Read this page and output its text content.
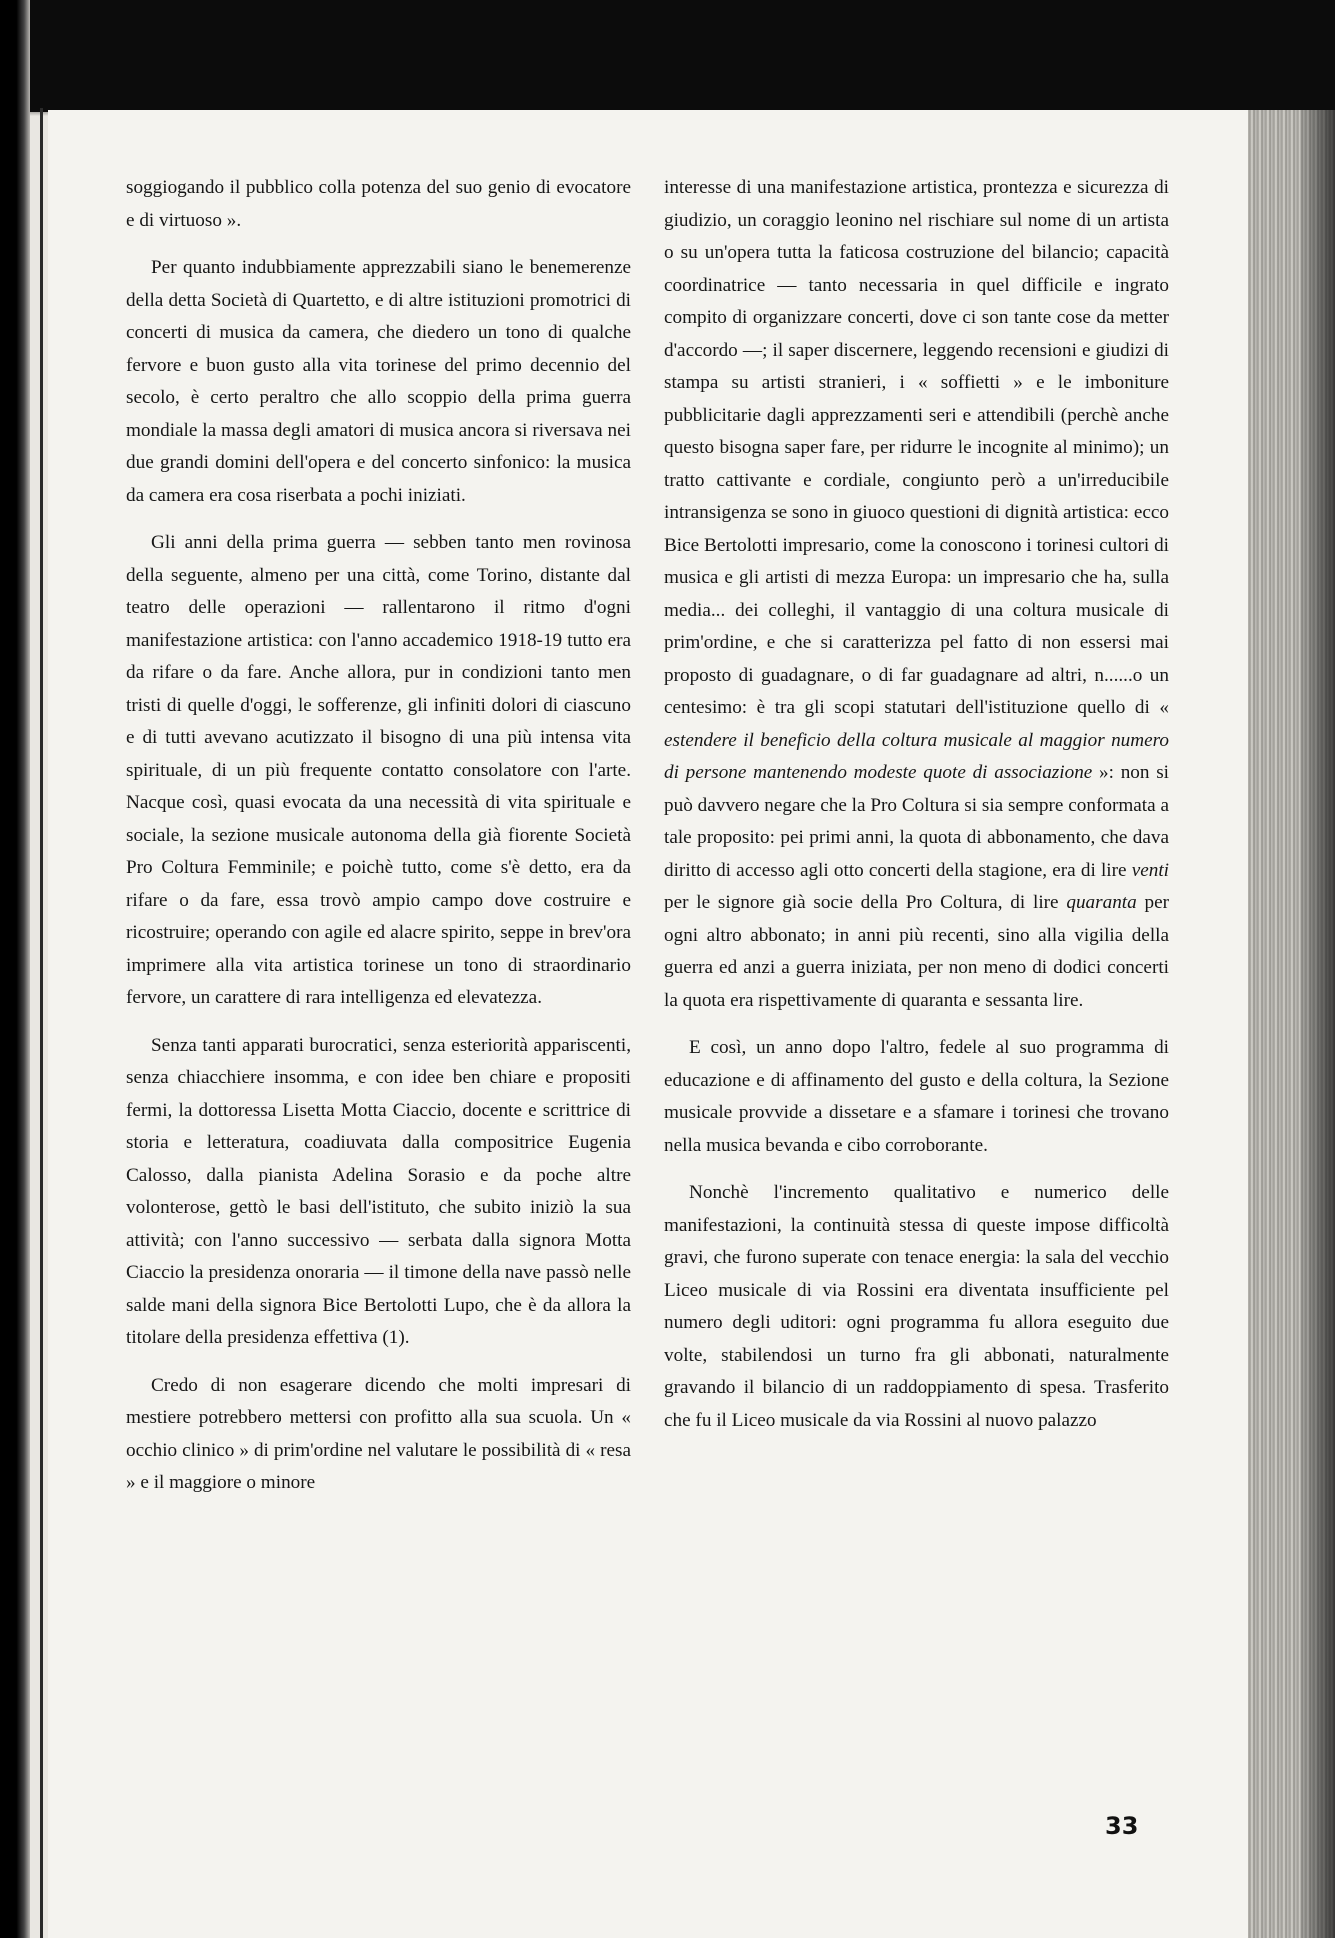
soggiogando il pubblico colla potenza del suo genio di evocatore e di virtuoso ».

Per quanto indubbiamente apprezzabili siano le benemerenze della detta Società di Quartetto, e di altre istituzioni promotrici di concerti di musica da camera, che diedero un tono di qualche fervore e buon gusto alla vita torinese del primo decennio del secolo, è certo peraltro che allo scoppio della prima guerra mondiale la massa degli amatori di musica ancora si riversava nei due grandi domini dell'opera e del concerto sinfonico: la musica da camera era cosa riserbata a pochi iniziati.

Gli anni della prima guerra — sebben tanto men rovinosa della seguente, almeno per una città, come Torino, distante dal teatro delle operazioni — rallentarono il ritmo d'ogni manifestazione artistica: con l'anno accademico 1918-19 tutto era da rifare o da fare. Anche allora, pur in condizioni tanto men tristi di quelle d'oggi, le sofferenze, gli infiniti dolori di ciascuno e di tutti avevano acutizzato il bisogno di una più intensa vita spirituale, di un più frequente contatto consolatore con l'arte. Nacque così, quasi evocata da una necessità di vita spirituale e sociale, la sezione musicale autonoma della già fiorente Società Pro Coltura Femminile; e poichè tutto, come s'è detto, era da rifare o da fare, essa trovò ampio campo dove costruire e ricostruire; operando con agile ed alacre spirito, seppe in brev'ora imprimere alla vita artistica torinese un tono di straordinario fervore, un carattere di rara intelligenza ed elevatezza.

Senza tanti apparati burocratici, senza esteriorità appariscenti, senza chiacchiere insomma, e con idee ben chiare e propositi fermi, la dottoressa Lisetta Motta Ciaccio, docente e scrittrice di storia e letteratura, coadiuvata dalla compositrice Eugenia Calosso, dalla pianista Adelina Sorasio e da poche altre volonterose, gettò le basi dell'istituto, che subito iniziò la sua attività; con l'anno successivo — serbata dalla signora Motta Ciaccio la presidenza onoraria — il timone della nave passò nelle salde mani della signora Bice Bertolotti Lupo, che è da allora la titolare della presidenza effettiva (1).

Credo di non esagerare dicendo che molti impresari di mestiere potrebbero mettersi con profitto alla sua scuola. Un « occhio clinico » di prim'ordine nel valutare le possibilità di « resa » e il maggiore o minore

interesse di una manifestazione artistica, prontezza e sicurezza di giudizio, un coraggio leonino nel rischiare sul nome di un artista o su un'opera tutta la faticosa costruzione del bilancio; capacità coordinatrice — tanto necessaria in quel difficile e ingrato compito di organizzare concerti, dove ci son tante cose da metter d'accordo —; il saper discernere, leggendo recensioni e giudizi di stampa su artisti stranieri, i « soffietti » e le imboniture pubblicitarie dagli apprezzamenti seri e attendibili (perchè anche questo bisogna saper fare, per ridurre le incognite al minimo); un tratto cattivante e cordiale, congiunto però a un'irreducibile intransigenza se sono in giuoco questioni di dignità artistica: ecco Bice Bertolotti impresario, come la conoscono i torinesi cultori di musica e gli artisti di mezza Europa: un impresario che ha, sulla media... dei colleghi, il vantaggio di una coltura musicale di prim'ordine, e che si caratterizza pel fatto di non essersi mai proposto di guadagnare, o di far guadagnare ad altri, n......o un centesimo: è tra gli scopi statutari dell'istituzione quello di « estendere il beneficio della coltura musicale al maggior numero di persone mantenendo modeste quote di associazione »: non si può davvero negare che la Pro Coltura si sia sempre conformata a tale proposito: pei primi anni, la quota di abbonamento, che dava diritto di accesso agli otto concerti della stagione, era di lire venti per le signore già socie della Pro Coltura, di lire quaranta per ogni altro abbonato; in anni più recenti, sino alla vigilia della guerra ed anzi a guerra iniziata, per non meno di dodici concerti la quota era rispettivamente di quaranta e sessanta lire.

E così, un anno dopo l'altro, fedele al suo programma di educazione e di affinamento del gusto e della coltura, la Sezione musicale provvide a dissetare e a sfamare i torinesi che trovano nella musica bevanda e cibo corroborante.

Nonchè l'incremento qualitativo e numerico delle manifestazioni, la continuità stessa di queste impose difficoltà gravi, che furono superate con tenace energia: la sala del vecchio Liceo musicale di via Rossini era diventata insufficiente pel numero degli uditori: ogni programma fu allora eseguito due volte, stabilendosi un turno fra gli abbonati, naturalmente gravando il bilancio di un raddoppiamento di spesa. Trasferito che fu il Liceo musicale da via Rossini al nuovo palazzo

33
